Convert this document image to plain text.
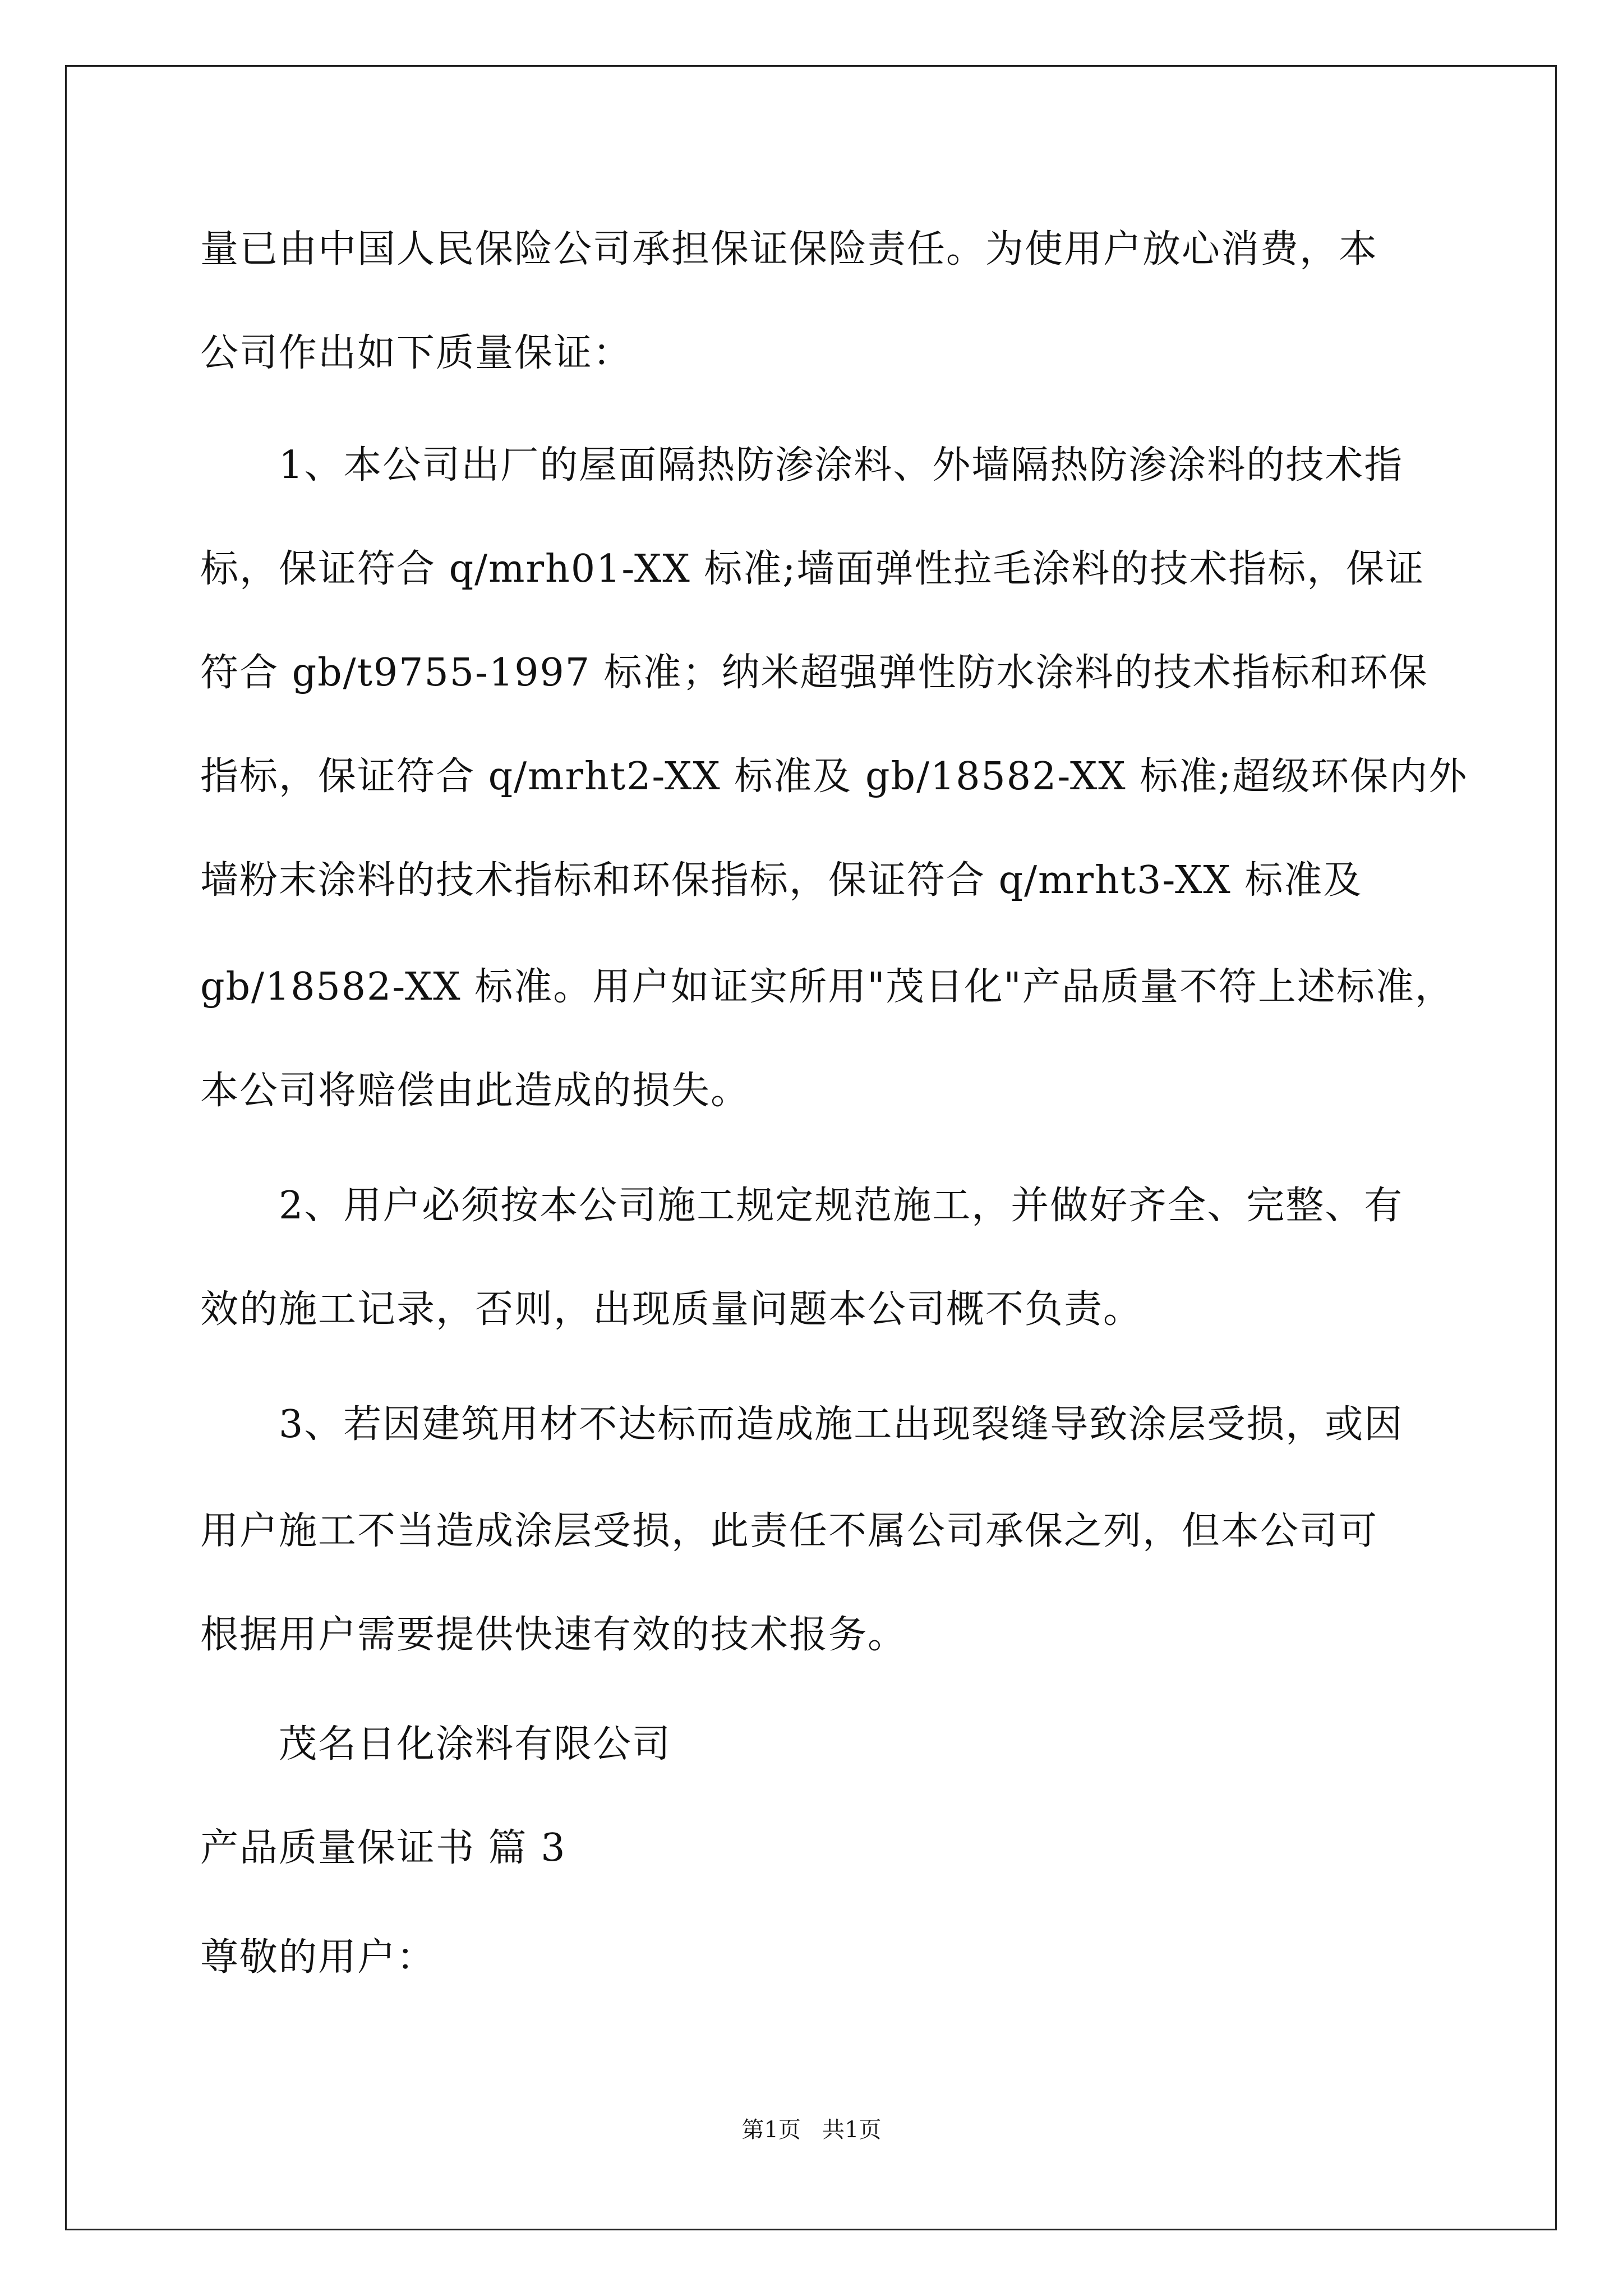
量已由中国人民保险公司承担保证保险责任。为使用户放心消费，本
公司作出如下质量保证：
1、本公司出厂的屋面隔热防渗涂料、外墙隔热防渗涂料的技术指
标，保证符合 q/mrh01-XX 标准;墙面弹性拉毛涂料的技术指标，保证
符合 gb/t9755-1997 标准；纳米超强弹性防水涂料的技术指标和环保
指标，保证符合 q/mrht2-XX 标准及 gb/18582-XX 标准;超级环保内外
墙粉末涂料的技术指标和环保指标，保证符合 q/mrht3-XX 标准及
gb/18582-XX 标准。用户如证实所用"茂日化"产品质量不符上述标准，
本公司将赔偿由此造成的损失。
2、用户必须按本公司施工规定规范施工，并做好齐全、完整、有
效的施工记录，否则，出现质量问题本公司概不负责。
3、若因建筑用材不达标而造成施工出现裂缝导致涂层受损，或因
用户施工不当造成涂层受损，此责任不属公司承保之列，但本公司可
根据用户需要提供快速有效的技术报务。
茂名日化涂料有限公司
产品质量保证书 篇 3
尊敬的用户：
第1页   共1页
